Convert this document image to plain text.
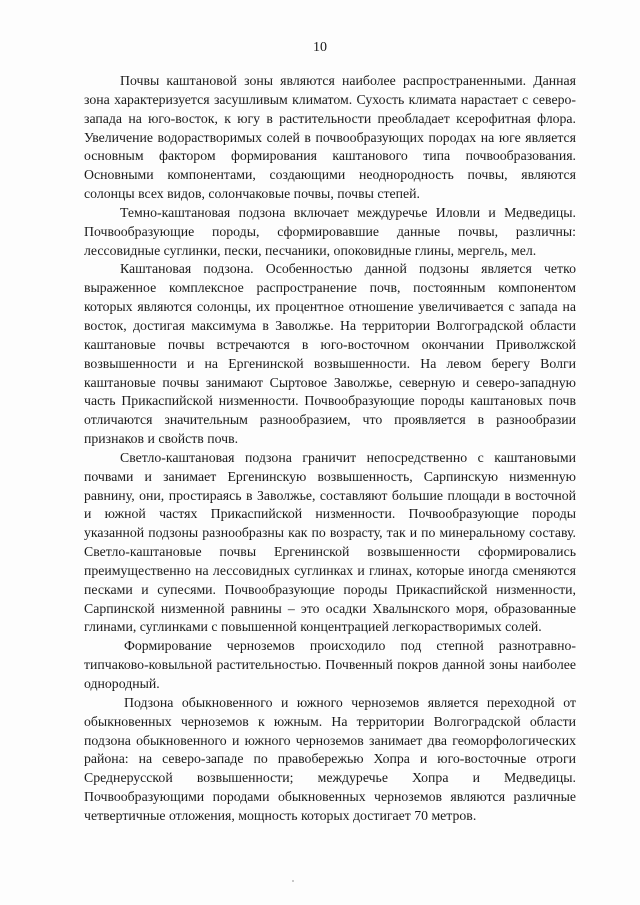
10

Почвы каштановой зоны являются наиболее распространенными. Данная зона характеризуется засушливым климатом. Сухость климата нарастает с северо-запада на юго-восток, к югу в растительности преобладает ксерофитная флора. Увеличение водорастворимых солей в почвообразующих породах на юге является основным фактором формирования каштанового типа почвообразования. Основными компонентами, создающими неоднородность почвы, являются солонцы всех видов, солончаковые почвы, почвы степей.

Темно-каштановая подзона включает междуречье Иловли и Медведицы. Почвообразующие породы, сформировавшие данные почвы, различны: лессовидные суглинки, пески, песчаники, опоковидные глины, мергель, мел.

Каштановая подзона. Особенностью данной подзоны является четко выраженное комплексное распространение почв, постоянным компонентом которых являются солонцы, их процентное отношение увеличивается с запада на восток, достигая максимума в Заволжье. На территории Волгоградской области каштановые почвы встречаются в юго-восточном окончании Приволжской возвышенности и на Ергенинской возвышенности. На левом берегу Волги каштановые почвы занимают Сыртовое Заволжье, северную и северо-западную часть Прикаспийской низменности. Почвообразующие породы каштановых почв отличаются значительным разнообразием, что проявляется в разнообразии признаков и свойств почв.

Светло-каштановая подзона граничит непосредственно с каштановыми почвами и занимает Ергенинскую возвышенность, Сарпинскую низменную равнину, они, простираясь в Заволжье, составляют большие площади в восточной и южной частях Прикаспийской низменности. Почвообразующие породы указанной подзоны разнообразны как по возрасту, так и по минеральному составу. Светло-каштановые почвы Ергенинской возвышенности сформировались преимущественно на лессовидных суглинках и глинах, которые иногда сменяются песками и супесями. Почвообразующие породы Прикаспийской низменности, Сарпинской низменной равнины – это осадки Хвалынского моря, образованные глинами, суглинками с повышенной концентрацией легкорастворимых солей.

Формирование черноземов происходило под степной разнотравно-типчаково-ковыльной растительностью. Почвенный покров данной зоны наиболее однородный.

Подзона обыкновенного и южного черноземов является переходной от обыкновенных черноземов к южным. На территории Волгоградской области подзона обыкновенного и южного черноземов занимает два геоморфологических района: на северо-западе по правобережью Хопра и юго-восточные отроги Среднерусской возвышенности; междуречье Хопра и Медведицы. Почвообразующими породами обыкновенных черноземов являются различные четвертичные отложения, мощность которых достигает 70 метров.
